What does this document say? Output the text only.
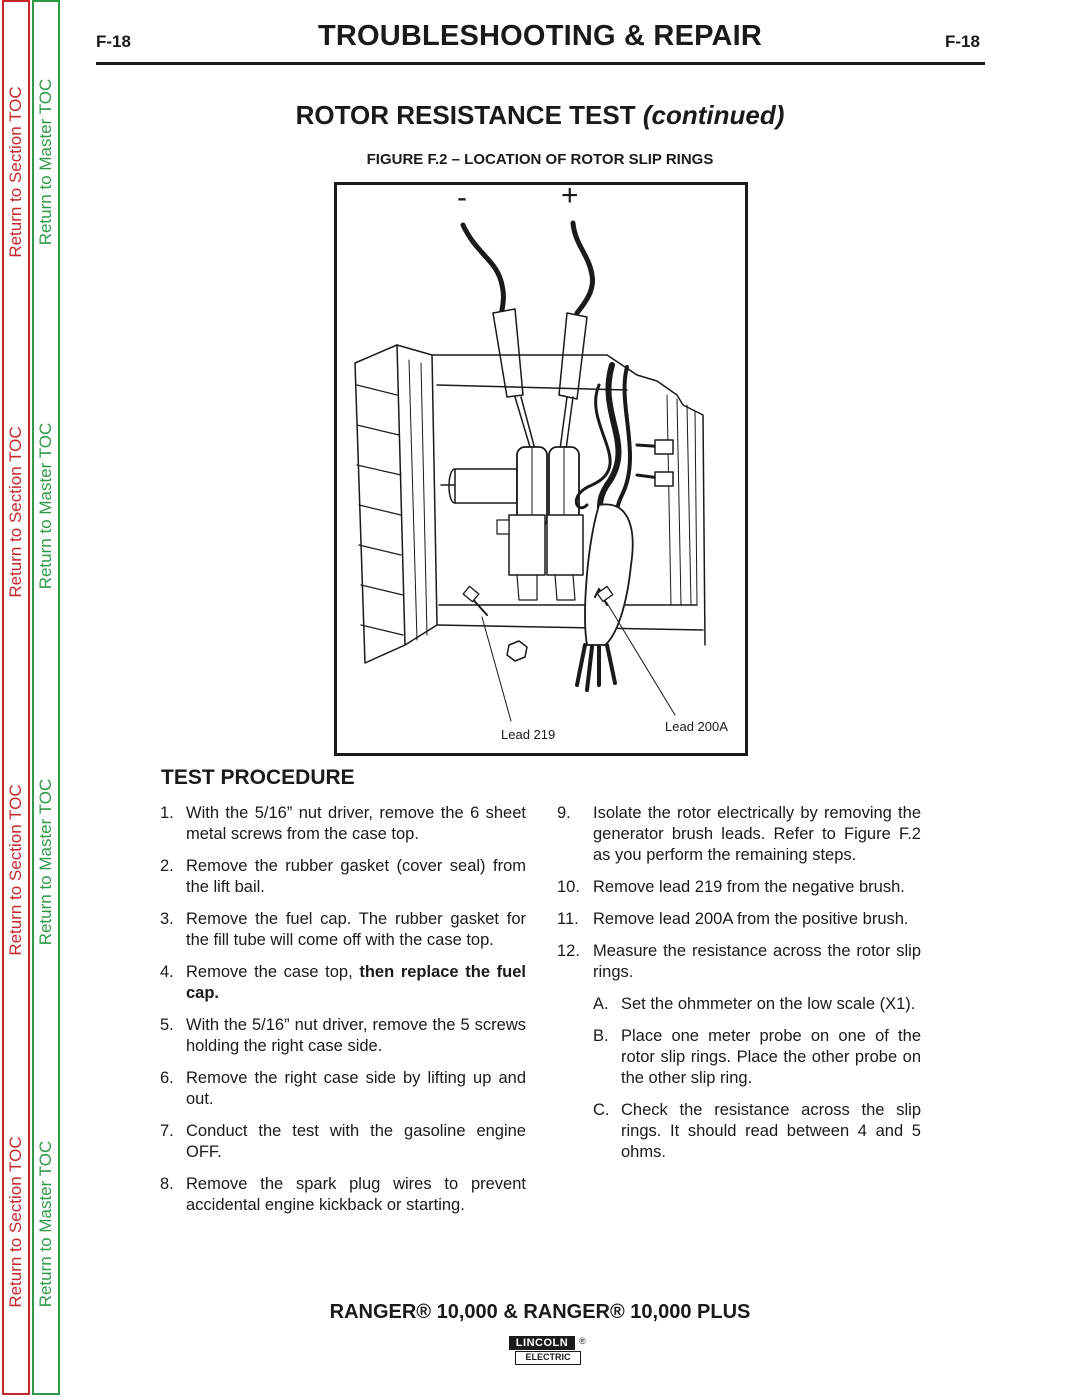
Return to Section TOC
Return to Section TOC
Return to Section TOC
Return to Section TOC
Return to Master TOC
Return to Master TOC
Return to Master TOC
Return to Master TOC
F-18	TROUBLESHOOTING & REPAIR	F-18
ROTOR RESISTANCE TEST (continued)
FIGURE F.2 – LOCATION OF ROTOR SLIP RINGS
-	+
Lead 219
Lead 200A
TEST PROCEDURE
1. With the 5/16” nut driver, remove the 6 sheet metal screws from the case top.
2. Remove the rubber gasket (cover seal) from the lift bail.
3. Remove the fuel cap. The rubber gasket for the fill tube will come off with the case top.
4. Remove the case top, then replace the fuel cap.
5. With the 5/16” nut driver, remove the 5 screws holding the right case side.
6. Remove the right case side by lifting up and out.
7. Conduct the test with the gasoline engine OFF.
8. Remove the spark plug wires to prevent accidental engine kickback or starting.
9.	Isolate the rotor electrically by removing the generator brush leads. Refer to Figure F.2 as you perform the remaining steps.
10. Remove lead 219 from the negative brush.
11. Remove lead 200A from the positive brush.
12. Measure the resistance across the rotor slip rings.
A. Set the ohmmeter on the low scale (X1).
B. Place one meter probe on one of the rotor slip rings. Place the other probe on the other slip ring.
C. Check the resistance across the slip rings. It should read between 4 and 5 ohms.
RANGER® 10,000 & RANGER® 10,000 PLUS
LINCOLN
ELECTRIC
®
